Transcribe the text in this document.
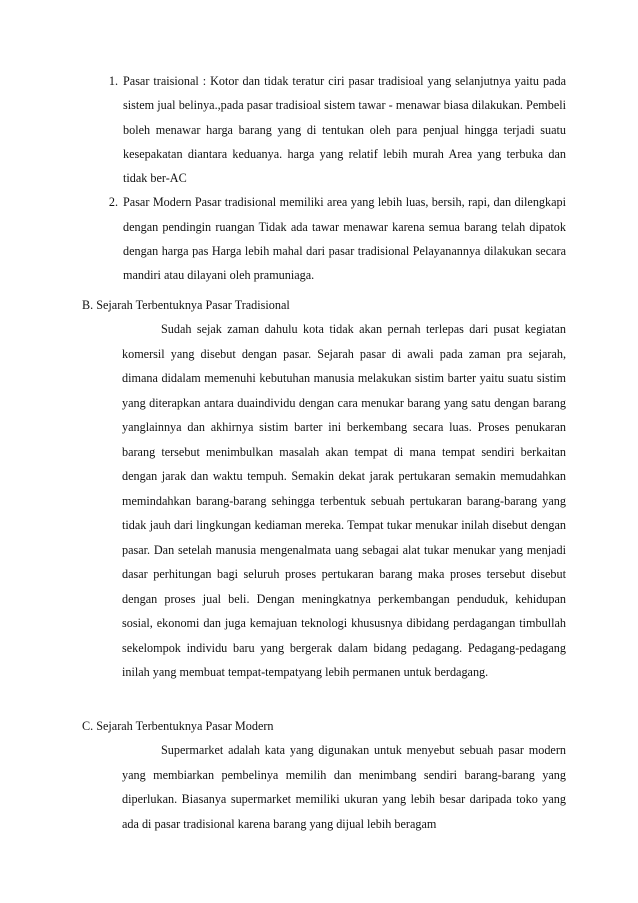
1. Pasar traisional : Kotor dan tidak teratur ciri pasar tradisioal yang selanjutnya yaitu pada sistem jual belinya.,pada pasar tradisioal sistem tawar - menawar biasa dilakukan. Pembeli boleh menawar harga barang yang di tentukan oleh para penjual hingga terjadi suatu kesepakatan diantara keduanya. harga yang relatif lebih murah Area yang terbuka dan tidak ber-AC
2. Pasar Modern Pasar tradisional memiliki area yang lebih luas, bersih, rapi, dan dilengkapi dengan pendingin ruangan Tidak ada tawar menawar karena semua barang telah dipatok dengan harga pas Harga lebih mahal dari pasar tradisional Pelayanannya dilakukan secara mandiri atau dilayani oleh pramuniaga.
B. Sejarah Terbentuknya Pasar Tradisional

Sudah sejak zaman dahulu kota tidak akan pernah terlepas dari pusat kegiatan komersil yang disebut dengan pasar. Sejarah pasar di awali pada zaman pra sejarah, dimana didalam memenuhi kebutuhan manusia melakukan sistim barter yaitu suatu sistim yang diterapkan antara duaindividu dengan cara menukar barang yang satu dengan barang yanglainnya dan akhirnya sistim barter ini berkembang secara luas. Proses penukaran barang tersebut menimbulkan masalah akan tempat di mana tempat sendiri berkaitan dengan jarak dan waktu tempuh. Semakin dekat jarak pertukaran semakin memudahkan memindahkan barang-barang sehingga terbentuk sebuah pertukaran barang-barang yang tidak jauh dari lingkungan kediaman mereka. Tempat tukar menukar inilah disebut dengan pasar. Dan setelah manusia mengenalmata uang sebagai alat tukar menukar yang menjadi dasar perhitungan bagi seluruh proses pertukaran barang maka proses tersebut disebut dengan proses jual beli. Dengan meningkatnya perkembangan penduduk, kehidupan sosial, ekonomi dan juga kemajuan teknologi khususnya dibidang perdagangan timbullah sekelompok individu baru yang bergerak dalam bidang pedagang. Pedagang-pedagang inilah yang membuat tempat-tempatyang lebih permanen untuk berdagang.

C. Sejarah Terbentuknya Pasar Modern

Supermarket adalah kata yang digunakan untuk menyebut sebuah pasar modern yang membiarkan pembelinya memilih dan menimbang sendiri barang-barang yang diperlukan. Biasanya supermarket memiliki ukuran yang lebih besar daripada toko yang ada di pasar tradisional karena barang yang dijual lebih beragam
